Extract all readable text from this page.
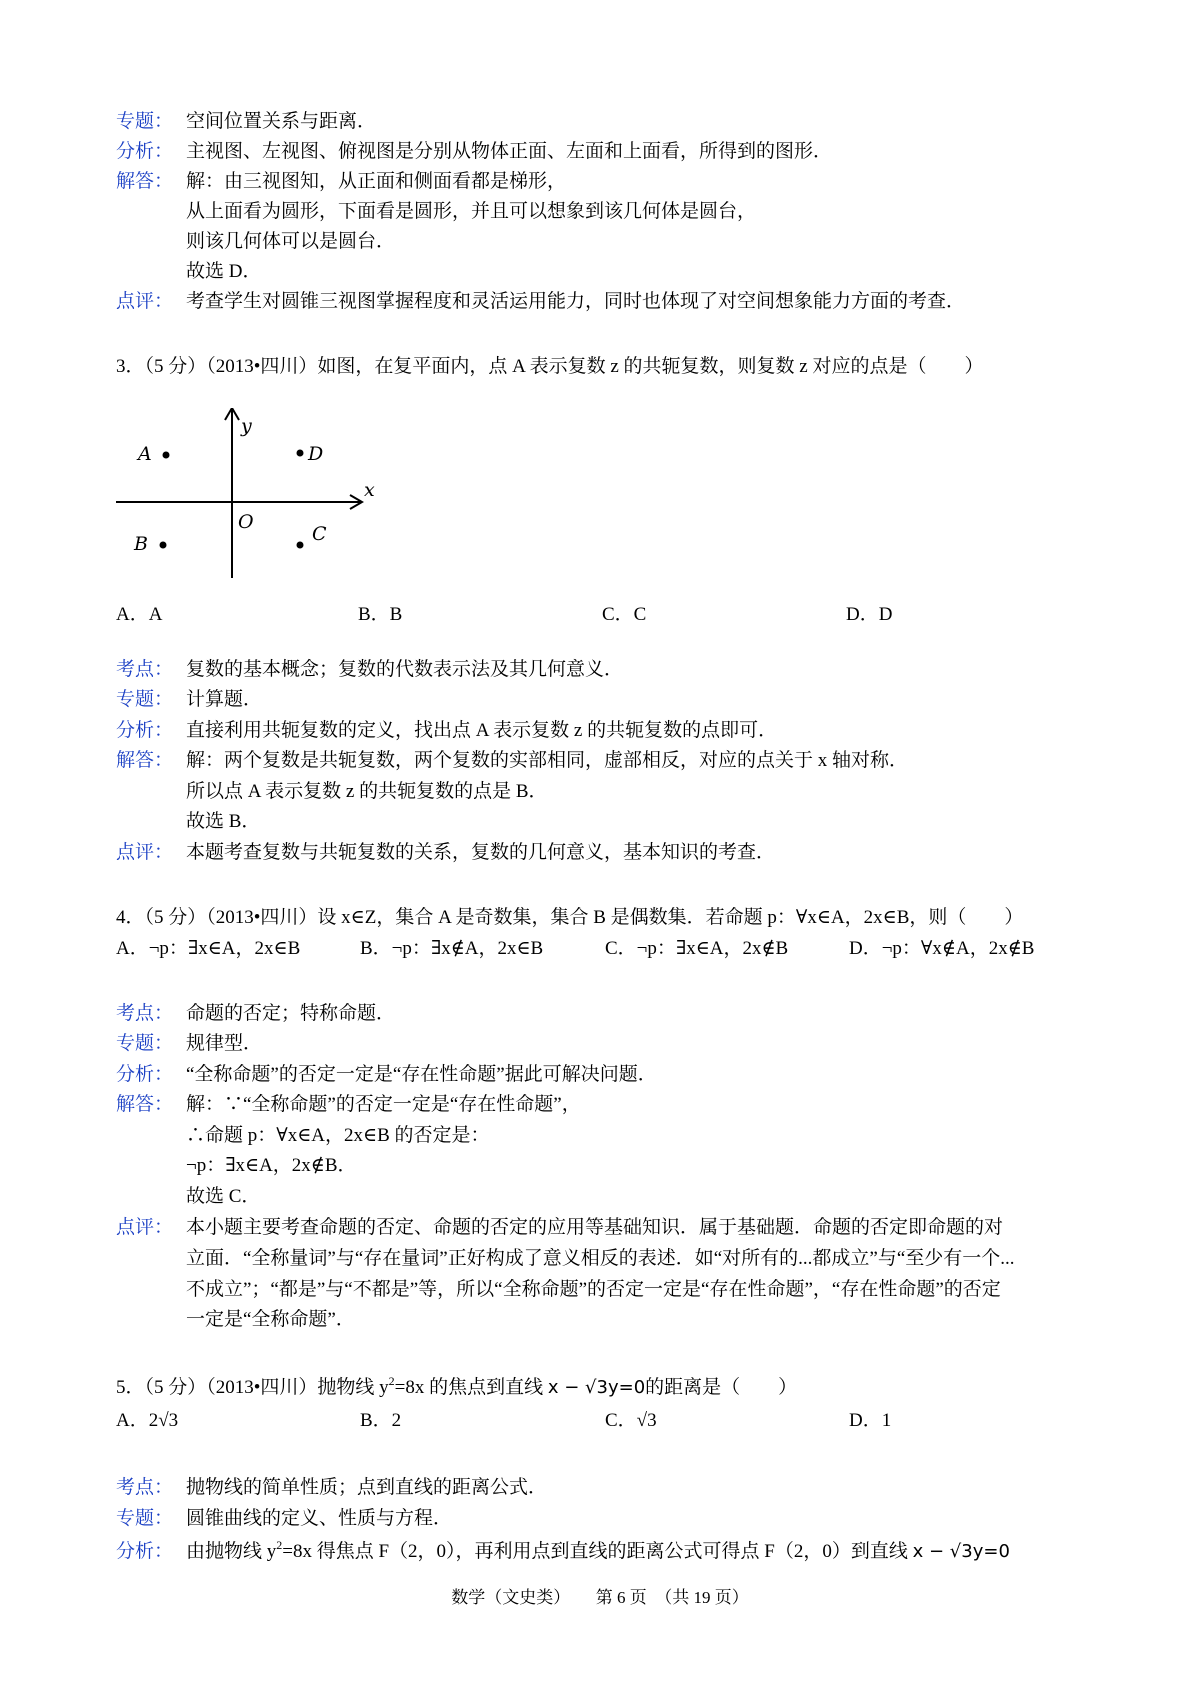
专题： 空间位置关系与距离．
分析： 主视图、左视图、俯视图是分别从物体正面、左面和上面看，所得到的图形．
解答： 解：由三视图知，从正面和侧面看都是梯形，
从上面看为圆形，下面看是圆形，并且可以想象到该几何体是圆台，
则该几何体可以是圆台．
故选 D．
点评： 考查学生对圆锥三视图掌握程度和灵活运用能力，同时也体现了对空间想象能力方面的考查．
3．（5 分）（2013•四川）如图，在复平面内，点 A 表示复数 z 的共轭复数，则复数 z 对应的点是（　　）
y
x
O
A	D
B	C
A．A	B．B	C．C	D．D
考点： 复数的基本概念；复数的代数表示法及其几何意义．
专题： 计算题．
分析： 直接利用共轭复数的定义，找出点 A 表示复数 z 的共轭复数的点即可．
解答： 解：两个复数是共轭复数，两个复数的实部相同，虚部相反，对应的点关于 x 轴对称．
所以点 A 表示复数 z 的共轭复数的点是 B．
故选 B．
点评： 本题考查复数与共轭复数的关系，复数的几何意义，基本知识的考查．
4．（5 分）（2013•四川）设 x∈Z，集合 A 是奇数集，集合 B 是偶数集．若命题 p：∀x∈A，2x∈B，则（　　）
A．¬p：∃x∈A，2x∈B	B．¬p：∃x∉A，2x∈B	C．¬p：∃x∈A，2x∉B	D．¬p：∀x∉A，2x∉B
考点： 命题的否定；特称命题．
专题： 规律型．
分析： “全称命题”的否定一定是“存在性命题”据此可解决问题．
解答： 解：∵“全称命题”的否定一定是“存在性命题”，
∴命题 p：∀x∈A，2x∈B 的否定是：
¬p：∃x∈A，2x∉B．
故选 C．
点评： 本小题主要考查命题的否定、命题的否定的应用等基础知识．属于基础题．命题的否定即命题的对
立面．“全称量词”与“存在量词”正好构成了意义相反的表述．如“对所有的...都成立”与“至少有一个...
不成立”；“都是”与“不都是”等，所以“全称命题”的否定一定是“存在性命题”，“存在性命题”的否定
一定是“全称命题”．
5．（5 分）（2013•四川）抛物线 $y^2=8x$ 的焦点到直线 x − √3y=0的距离是（　　）
A．2√3	B．2	C．√3	D．1
考点： 抛物线的简单性质；点到直线的距离公式．
专题： 圆锥曲线的定义、性质与方程．
分析： 由抛物线 $y^2=8x$ 得焦点 F（2，0），再利用点到直线的距离公式可得点 F（2，0）到直线 x − √3y=0
数学（文史类）　　第 6 页　（共 19 页）
